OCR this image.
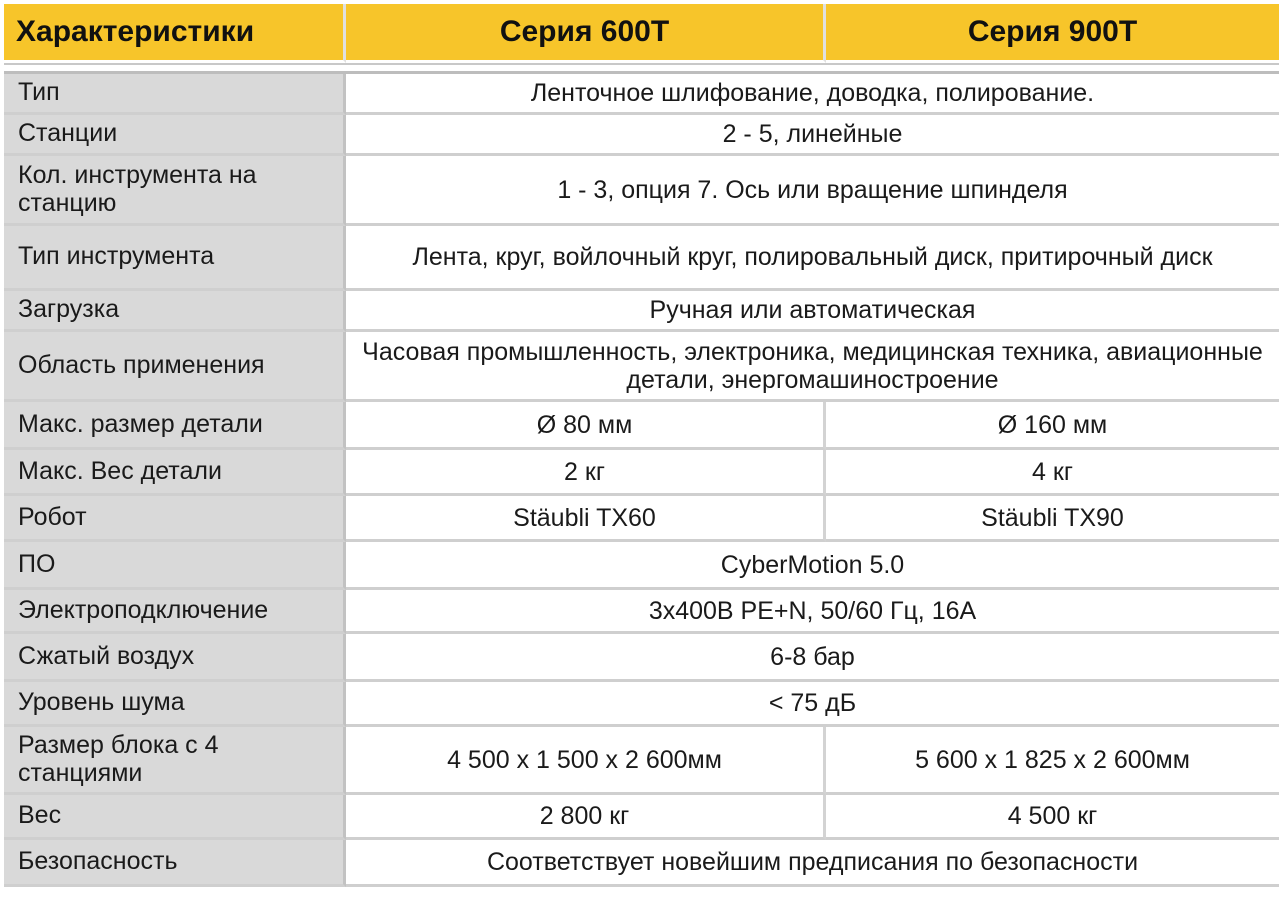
Характеристики	Серия 600T	Серия 900T

Тип	Ленточное шлифование, доводка, полирование.	
Станции	2 - 5, линейные	
Кол. инструмента на станцию	1 - 3, опция 7. Ось или вращение шпинделя	
Тип инструмента	Лента, круг, войлочный круг, полировальный диск, притирочный диск	
Загрузка	Ручная или автоматическая	
Область применения	Часовая промышленность, электроника, медицинская техника, авиационные детали, энергомашиностроение	
Макс. размер детали	Ø 80 мм	Ø 160 мм
Макс. Вес детали	2 кг	4 кг
Робот	Stäubli TX60	Stäubli TX90
ПО	CyberMotion 5.0	
Электроподключение	3x400В PE+N, 50/60 Гц, 16А	
Сжатый воздух	6-8 бар	
Уровень шума	< 75 дБ	
Размер блока с 4 станциями	4 500 x 1 500 x 2 600мм	5 600 x 1 825 x 2 600мм
Вес	2 800 кг	4 500 кг
Безопасность	Соответствует новейшим предписания по безопасности	
